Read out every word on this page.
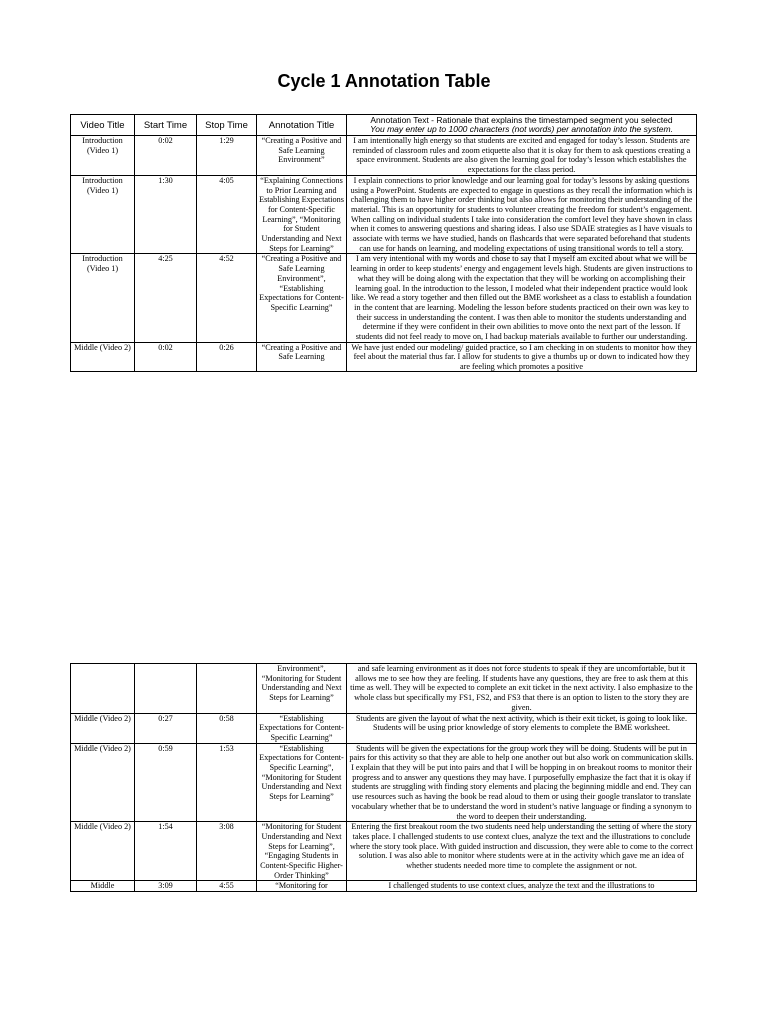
Cycle 1 Annotation Table
Video Title	Start Time	Stop Time	Annotation Title	Annotation Text - Rationale that explains the timestamped segment you selected
You may enter up to 1000 characters (not words) per annotation into the system.

Introduction (Video 1)	0:02	1:29	“Creating a Positive and Safe Learning Environment”	I am intentionally high energy so that students are excited and engaged for today’s lesson. Students are reminded of classroom rules and zoom etiquette also that it is okay for them to ask questions creating a space environment. Students are also given the learning goal for today’s lesson which establishes the expectations for the class period.
Introduction (Video 1)	1:30	4:05	“Explaining Connections to Prior Learning and Establishing Expectations for Content-Specific Learning”, “Monitoring for Student Understanding and Next Steps for Learning”	I explain connections to prior knowledge and our learning goal for today’s lessons by asking questions using a PowerPoint. Students are expected to engage in questions as they recall the information which is challenging them to have higher order thinking but also allows for monitoring their understanding of the material. This is an opportunity for students to volunteer creating the freedom for student’s engagement. When calling on individual students I take into consideration the comfort level they have shown in class when it comes to answering questions and sharing ideas. I also use SDAIE strategies as I have visuals to associate with terms we have studied, hands on flashcards that were separated beforehand that students can use for hands on learning, and modeling expectations of using transitional words to tell a story.
Introduction (Video 1)	4:25	4:52	“Creating a Positive and Safe Learning Environment”, “Establishing Expectations for Content-Specific Learning”	I am very intentional with my words and chose to say that I myself am excited about what we will be learning in order to keep students’ energy and engagement levels high. Students are given instructions to what they will be doing along with the expectation that they will be working on accomplishing their learning goal. In the introduction to the lesson, I modeled what their independent practice would look like. We read a story together and then filled out the BME worksheet as a class to establish a foundation in the content that are learning. Modeling the lesson before students practiced on their own was key to their success in understanding the content. I was then able to monitor the students understanding and determine if they were confident in their own abilities to move onto the next part of the lesson. If students did not feel ready to move on, I had backup materials available to further our understanding.
Middle (Video 2)	0:02	0:26	“Creating a Positive and Safe Learning	We have just ended our modeling/ guided practice, so I am checking in on students to monitor how they feel about the material thus far. I allow for students to give a thumbs up or down to indicated how they are feeling which promotes a positive
			Environment”, “Monitoring for Student Understanding and Next Steps for Learning”	and safe learning environment as it does not force students to speak if they are uncomfortable, but it allows me to see how they are feeling. If students have any questions, they are free to ask them at this time as well. They will be expected to complete an exit ticket in the next activity. I also emphasize to the whole class but specifically my FS1, FS2, and FS3 that there is an option to listen to the story they are given.
Middle (Video 2)	0:27	0:58	“Establishing Expectations for Content-Specific Learning”	Students are given the layout of what the next activity, which is their exit ticket, is going to look like. Students will be using prior knowledge of story elements to complete the BME worksheet.
Middle (Video 2)	0:59	1:53	“Establishing Expectations for Content-Specific Learning”, “Monitoring for Student Understanding and Next Steps for Learning”	Students will be given the expectations for the group work they will be doing. Students will be put in pairs for this activity so that they are able to help one another out but also work on communication skills. I explain that they will be put into pairs and that I will be hopping in on breakout rooms to monitor their progress and to answer any questions they may have. I purposefully emphasize the fact that it is okay if students are struggling with finding story elements and placing the beginning middle and end. They can use resources such as having the book be read aloud to them or using their google translator to translate vocabulary whether that be to understand the word in student’s native language or finding a synonym to the word to deepen their understanding.
Middle (Video 2)	1:54	3:08	“Monitoring for Student Understanding and Next Steps for Learning”, “Engaging Students in Content-Specific Higher-Order Thinking”	Entering the first breakout room the two students need help understanding the setting of where the story takes place. I challenged students to use context clues, analyze the text and the illustrations to conclude where the story took place. With guided instruction and discussion, they were able to come to the correct solution. I was also able to monitor where students were at in the activity which gave me an idea of whether students needed more time to complete the assignment or not.
Middle	3:09	4:55	“Monitoring for	I challenged students to use context clues, analyze the text and the illustrations to
